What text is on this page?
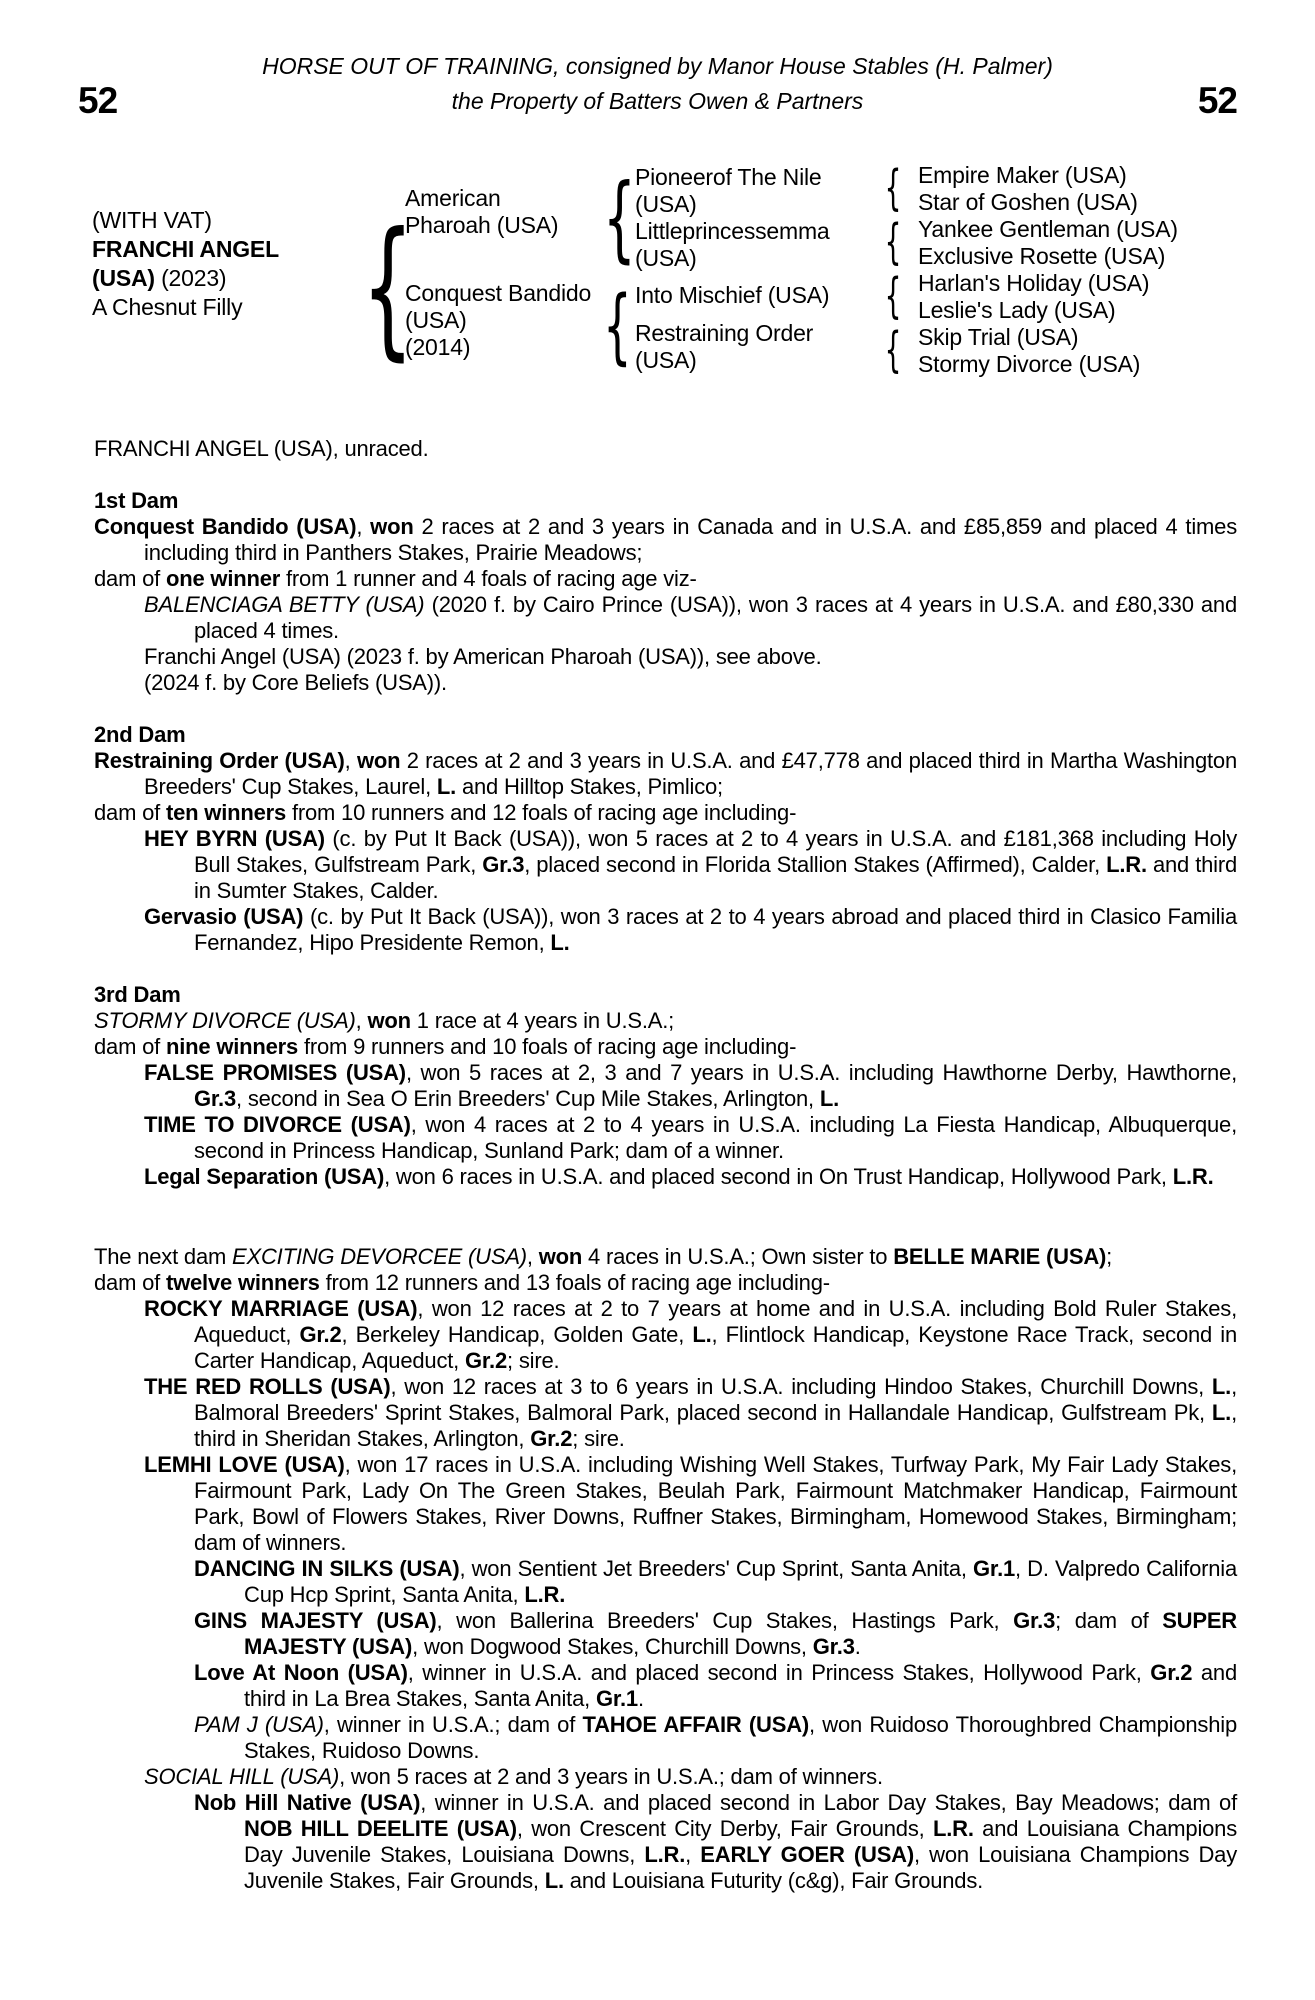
52	52
HORSE OUT OF TRAINING, consigned by Manor House Stables (H. Palmer)
the Property of Batters Owen & Partners
(WITH VAT)
FRANCHI ANGEL
(USA) (2023)
A Chesnut Filly { {
{
{
{
{
{
American
Pharoah (USA)
Conquest Bandido
(USA)
(2014)
Pioneerof The Nile
(USA)
Littleprincessemma
(USA)
Into Mischief (USA)
Restraining Order
(USA)
Empire Maker (USA)
Star of Goshen (USA)
Yankee Gentleman (USA)
Exclusive Rosette (USA)
Harlan's Holiday (USA)
Leslie's Lady (USA)
Skip Trial (USA)
Stormy Divorce (USA)
FRANCHI ANGEL (USA), unraced.
1st Dam
Conquest Bandido (USA), won 2 races at 2 and 3 years in Canada and in U.S.A. and £85,859 and placed 4 times including third in Panthers Stakes, Prairie Meadows;
dam of one winner from 1 runner and 4 foals of racing age viz-
BALENCIAGA BETTY (USA) (2020 f. by Cairo Prince (USA)), won 3 races at 4 years in U.S.A. and £80,330 and placed 4 times.
Franchi Angel (USA) (2023 f. by American Pharoah (USA)), see above.
(2024 f. by Core Beliefs (USA)).
2nd Dam
Restraining Order (USA), won 2 races at 2 and 3 years in U.S.A. and £47,778 and placed third in Martha Washington Breeders' Cup Stakes, Laurel, L. and Hilltop Stakes, Pimlico;
dam of ten winners from 10 runners and 12 foals of racing age including-
HEY BYRN (USA) (c. by Put It Back (USA)), won 5 races at 2 to 4 years in U.S.A. and £181,368 including Holy Bull Stakes, Gulfstream Park, Gr.3, placed second in Florida Stallion Stakes (Affirmed), Calder, L.R. and third in Sumter Stakes, Calder.
Gervasio (USA) (c. by Put It Back (USA)), won 3 races at 2 to 4 years abroad and placed third in Clasico Familia Fernandez, Hipo Presidente Remon, L.
3rd Dam
STORMY DIVORCE (USA), won 1 race at 4 years in U.S.A.;
dam of nine winners from 9 runners and 10 foals of racing age including-
FALSE PROMISES (USA), won 5 races at 2, 3 and 7 years in U.S.A. including Hawthorne Derby, Hawthorne, Gr.3, second in Sea O Erin Breeders' Cup Mile Stakes, Arlington, L.
TIME TO DIVORCE (USA), won 4 races at 2 to 4 years in U.S.A. including La Fiesta Handicap, Albuquerque, second in Princess Handicap, Sunland Park; dam of a winner.
Legal Separation (USA), won 6 races in U.S.A. and placed second in On Trust Handicap, Hollywood Park, L.R.
The next dam EXCITING DEVORCEE (USA), won 4 races in U.S.A.; Own sister to BELLE MARIE (USA);
dam of twelve winners from 12 runners and 13 foals of racing age including-
ROCKY MARRIAGE (USA), won 12 races at 2 to 7 years at home and in U.S.A. including Bold Ruler Stakes, Aqueduct, Gr.2, Berkeley Handicap, Golden Gate, L., Flintlock Handicap, Keystone Race Track, second in Carter Handicap, Aqueduct, Gr.2; sire.
THE RED ROLLS (USA), won 12 races at 3 to 6 years in U.S.A. including Hindoo Stakes, Churchill Downs, L., Balmoral Breeders' Sprint Stakes, Balmoral Park, placed second in Hallandale Handicap, Gulfstream Pk, L., third in Sheridan Stakes, Arlington, Gr.2; sire.
LEMHI LOVE (USA), won 17 races in U.S.A. including Wishing Well Stakes, Turfway Park, My Fair Lady Stakes, Fairmount Park, Lady On The Green Stakes, Beulah Park, Fairmount Matchmaker Handicap, Fairmount Park, Bowl of Flowers Stakes, River Downs, Ruffner Stakes, Birmingham, Homewood Stakes, Birmingham; dam of winners.
DANCING IN SILKS (USA), won Sentient Jet Breeders' Cup Sprint, Santa Anita, Gr.1, D. Valpredo California Cup Hcp Sprint, Santa Anita, L.R.
GINS MAJESTY (USA), won Ballerina Breeders' Cup Stakes, Hastings Park, Gr.3; dam of SUPER MAJESTY (USA), won Dogwood Stakes, Churchill Downs, Gr.3.
Love At Noon (USA), winner in U.S.A. and placed second in Princess Stakes, Hollywood Park, Gr.2 and third in La Brea Stakes, Santa Anita, Gr.1.
PAM J (USA), winner in U.S.A.; dam of TAHOE AFFAIR (USA), won Ruidoso Thoroughbred Championship Stakes, Ruidoso Downs.
SOCIAL HILL (USA), won 5 races at 2 and 3 years in U.S.A.; dam of winners.
Nob Hill Native (USA), winner in U.S.A. and placed second in Labor Day Stakes, Bay Meadows; dam of NOB HILL DEELITE (USA), won Crescent City Derby, Fair Grounds, L.R. and Louisiana Champions Day Juvenile Stakes, Louisiana Downs, L.R., EARLY GOER (USA), won Louisiana Champions Day Juvenile Stakes, Fair Grounds, L. and Louisiana Futurity (c&g), Fair Grounds.
